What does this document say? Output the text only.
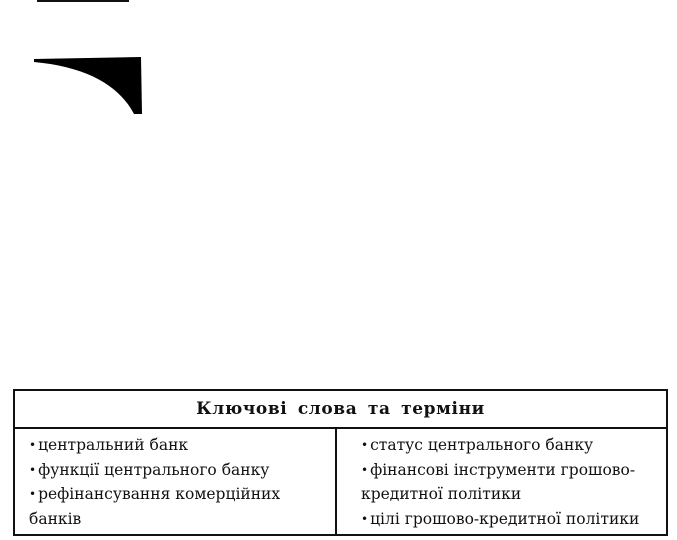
Ключові слова та терміни

• центральний банк

• функції центрального банку

• рефінансування комерційних банків

• статус центрального банку

• фінансові інструменти грошово-кредитної політики

• цілі грошово-кредитної політики
